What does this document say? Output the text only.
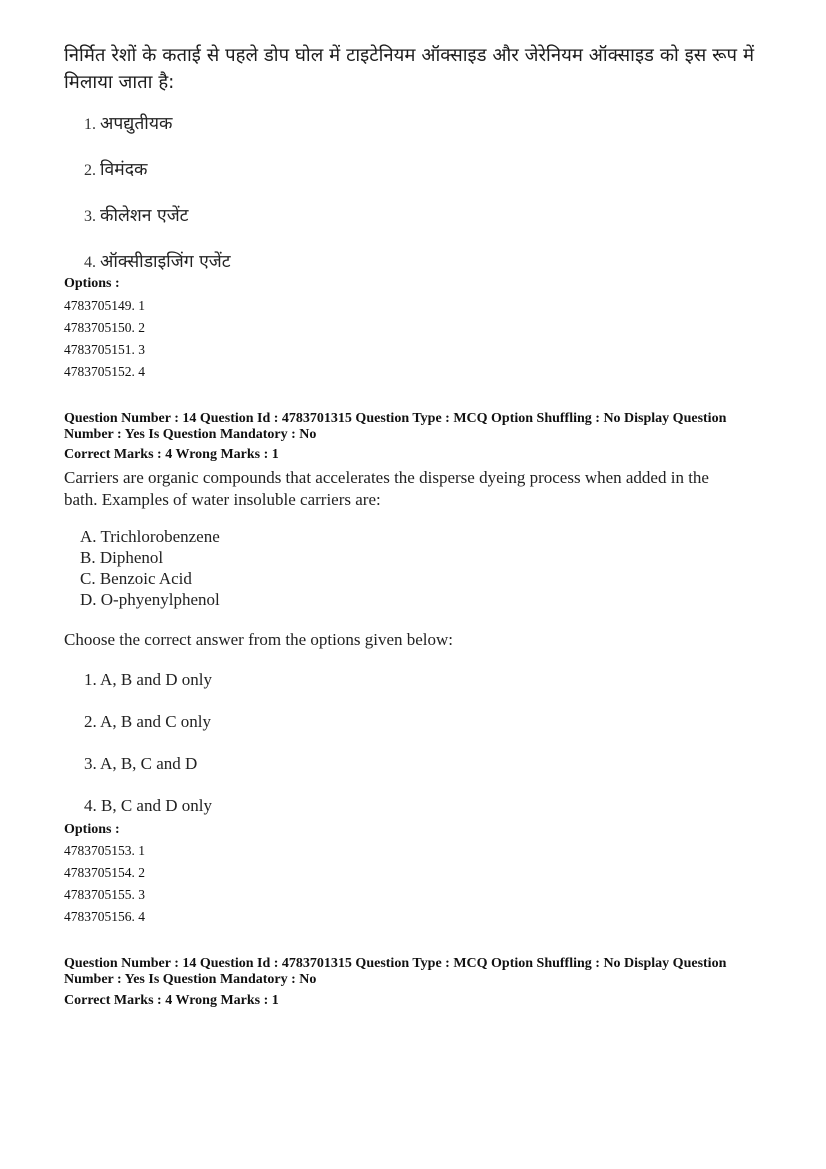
निर्मित रेशों के कताई से पहले डोप घोल में टाइटेनियम ऑक्साइड और जेरेनियम ऑक्साइड को इस रूप में मिलाया जाता है:
1. अपद्युतीयक
2. विमंदक
3. कीलेशन एजेंट
4. ऑक्सीडाइजिंग एजेंट
Options :
4783705149. 1
4783705150. 2
4783705151. 3
4783705152. 4
Question Number : 14 Question Id : 4783701315 Question Type : MCQ Option Shuffling : No Display Question
Number : Yes Is Question Mandatory : No
Correct Marks : 4 Wrong Marks : 1
Carriers are organic compounds that accelerates the disperse dyeing process when added in the
bath. Examples of water insoluble carriers are:
A. Trichlorobenzene
B. Diphenol
C. Benzoic Acid
D. O-phyenylphenol
Choose the correct answer from the options given below:
1. A, B and D only
2. A, B and C only
3. A, B, C and D
4. B, C and D only
Options :
4783705153. 1
4783705154. 2
4783705155. 3
4783705156. 4
Question Number : 14 Question Id : 4783701315 Question Type : MCQ Option Shuffling : No Display Question
Number : Yes Is Question Mandatory : No
Correct Marks : 4 Wrong Marks : 1
